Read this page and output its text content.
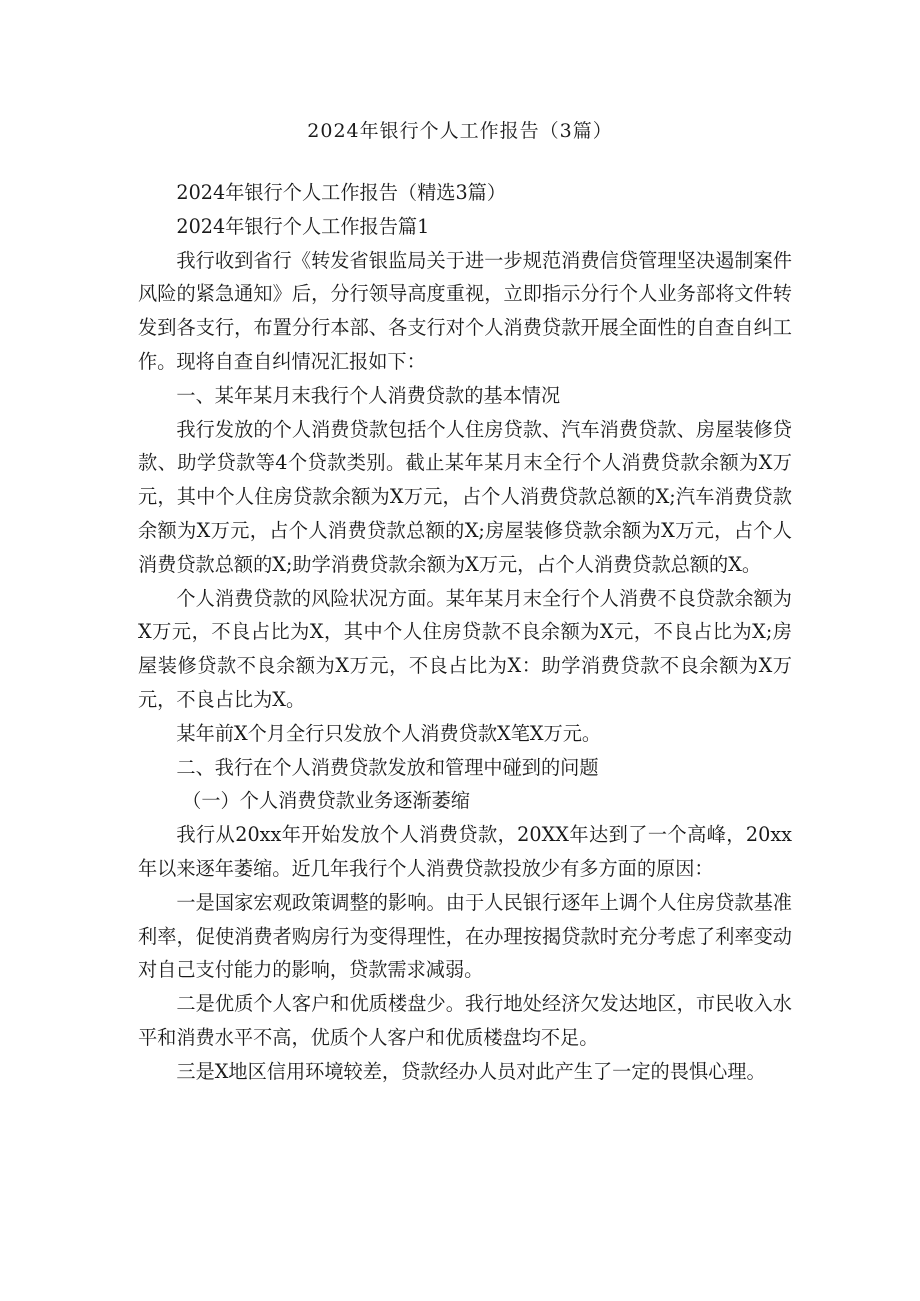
2024年银行个人工作报告（3篇）

2024年银行个人工作报告（精选3篇）

2024年银行个人工作报告篇1

我行收到省行《转发省银监局关于进一步规范消费信贷管理坚决遏制案件风险的紧急通知》后，分行领导高度重视，立即指示分行个人业务部将文件转发到各支行，布置分行本部、各支行对个人消费贷款开展全面性的自查自纠工作。现将自查自纠情况汇报如下：

一、某年某月末我行个人消费贷款的基本情况

我行发放的个人消费贷款包括个人住房贷款、汽车消费贷款、房屋装修贷款、助学贷款等4个贷款类别。截止某年某月末全行个人消费贷款余额为X万元，其中个人住房贷款余额为X万元，占个人消费贷款总额的X;汽车消费贷款余额为X万元，占个人消费贷款总额的X;房屋装修贷款余额为X万元，占个人消费贷款总额的X;助学消费贷款余额为X万元，占个人消费贷款总额的X。

个人消费贷款的风险状况方面。某年某月末全行个人消费不良贷款余额为X万元，不良占比为X，其中个人住房贷款不良余额为X元，不良占比为X;房屋装修贷款不良余额为X万元，不良占比为X：助学消费贷款不良余额为X万元，不良占比为X。

某年前X个月全行只发放个人消费贷款X笔X万元。

二、我行在个人消费贷款发放和管理中碰到的问题

（一）个人消费贷款业务逐渐萎缩

我行从20xx年开始发放个人消费贷款，20XX年达到了一个高峰，20xx年以来逐年萎缩。近几年我行个人消费贷款投放少有多方面的原因：

一是国家宏观政策调整的影响。由于人民银行逐年上调个人住房贷款基准利率，促使消费者购房行为变得理性，在办理按揭贷款时充分考虑了利率变动对自己支付能力的影响，贷款需求减弱。

二是优质个人客户和优质楼盘少。我行地处经济欠发达地区，市民收入水平和消费水平不高，优质个人客户和优质楼盘均不足。

三是X地区信用环境较差，贷款经办人员对此产生了一定的畏惧心理。
